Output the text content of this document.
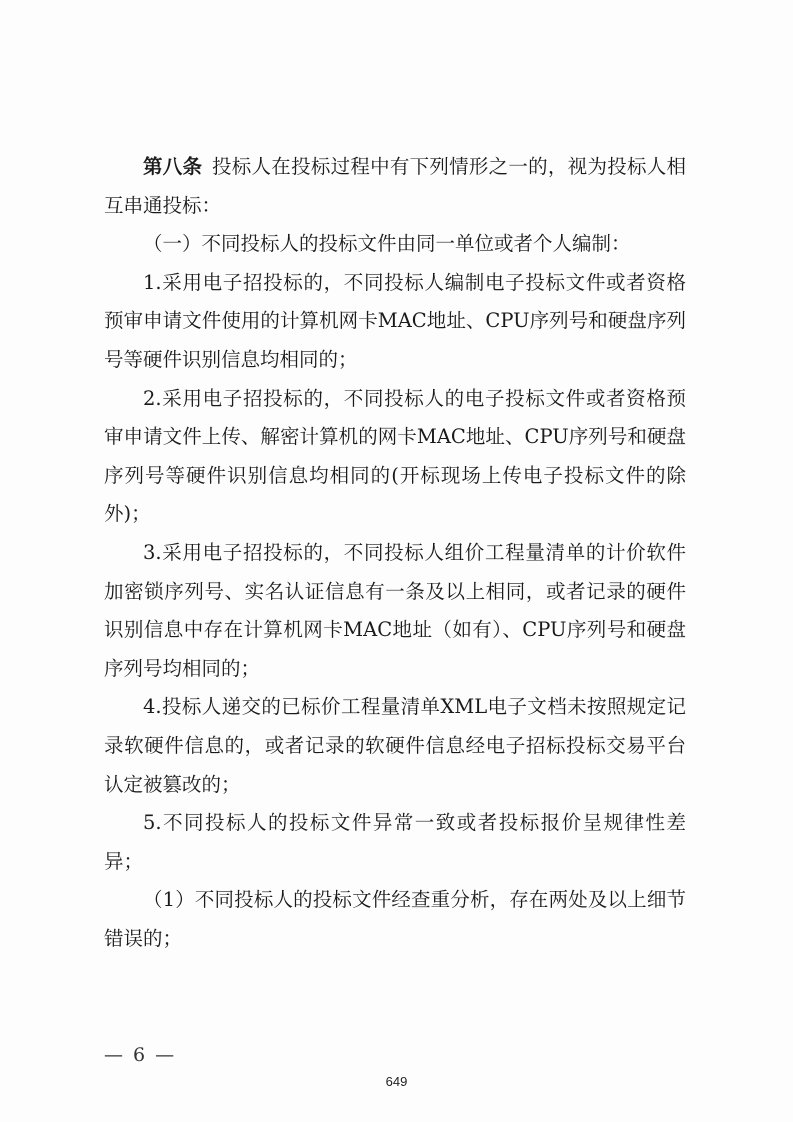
第八条 投标人在投标过程中有下列情形之一的，视为投标人相互串通投标：

（一）不同投标人的投标文件由同一单位或者个人编制：

1.采用电子招投标的，不同投标人编制电子投标文件或者资格预审申请文件使用的计算机网卡MAC地址、CPU序列号和硬盘序列号等硬件识别信息均相同的；

2.采用电子招投标的，不同投标人的电子投标文件或者资格预审申请文件上传、解密计算机的网卡MAC地址、CPU序列号和硬盘序列号等硬件识别信息均相同的(开标现场上传电子投标文件的除外)；

3.采用电子招投标的，不同投标人组价工程量清单的计价软件加密锁序列号、实名认证信息有一条及以上相同，或者记录的硬件识别信息中存在计算机网卡MAC地址（如有）、CPU序列号和硬盘序列号均相同的；

4.投标人递交的已标价工程量清单XML电子文档未按照规定记录软硬件信息的，或者记录的软硬件信息经电子招标投标交易平台认定被篡改的；

5.不同投标人的投标文件异常一致或者投标报价呈规律性差异；

（1）不同投标人的投标文件经查重分析，存在两处及以上细节错误的；

— 6 —
649
